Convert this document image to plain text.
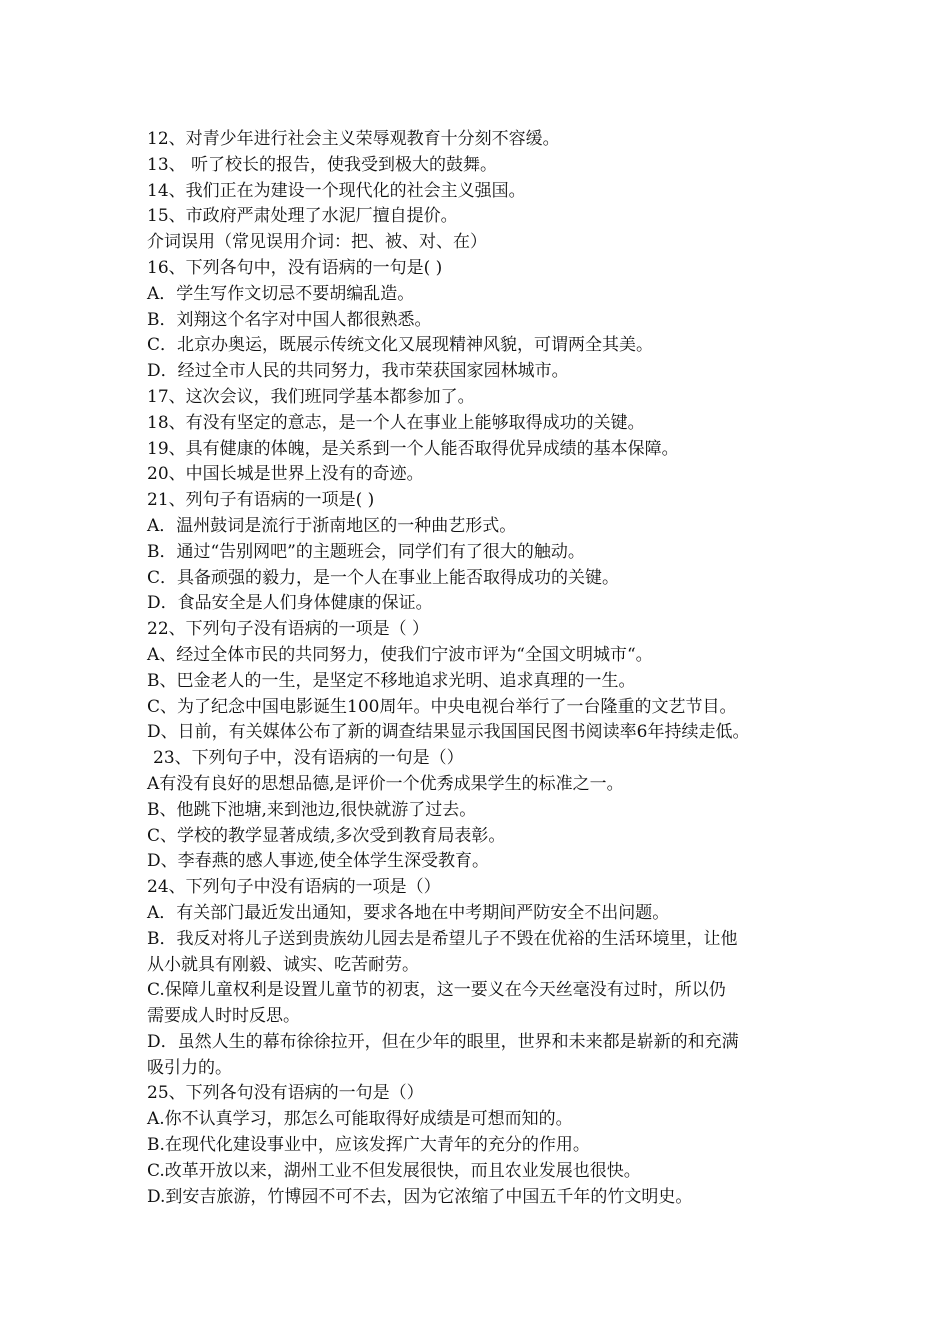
12、对青少年进行社会主义荣辱观教育十分刻不容缓。
13、 听了校长的报告，使我受到极大的鼓舞。
14、我们正在为建设一个现代化的社会主义强国。
15、市政府严肃处理了水泥厂擅自提价。
介词误用（常见误用介词：把、被、对、在）
16、下列各句中，没有语病的一句是( )
A．学生写作文切忌不要胡编乱造。
B．刘翔这个名字对中国人都很熟悉。
C．北京办奥运，既展示传统文化又展现精神风貌，可谓两全其美。
D．经过全市人民的共同努力，我市荣获国家园林城市。
17、这次会议，我们班同学基本都参加了。
18、有没有坚定的意志，是一个人在事业上能够取得成功的关键。
19、具有健康的体魄，是关系到一个人能否取得优异成绩的基本保障。
20、中国长城是世界上没有的奇迹。
21、列句子有语病的一项是( )
A．温州鼓词是流行于浙南地区的一种曲艺形式。
B．通过“告别网吧”的主题班会，同学们有了很大的触动。
C．具备顽强的毅力，是一个人在事业上能否取得成功的关键。
D．食品安全是人们身体健康的保证。
22、下列句子没有语病的一项是（ ）
A、经过全体市民的共同努力，使我们宁波市评为“全国文明城市“。
B、巴金老人的一生，是坚定不移地追求光明、追求真理的一生。
C、为了纪念中国电影诞生100周年。中央电视台举行了一台隆重的文艺节目。
D、日前，有关媒体公布了新的调查结果显示我国国民图书阅读率6年持续走低。
23、下列句子中，没有语病的一句是（）
A有没有良好的思想品德,是评价一个优秀成果学生的标准之一。
B、他跳下池塘,来到池边,很快就游了过去。
C、学校的教学显著成绩,多次受到教育局表彰。
D、李春燕的感人事迹,使全体学生深受教育。
24、下列句子中没有语病的一项是（）
A．有关部门最近发出通知，要求各地在中考期间严防安全不出问题。
B．我反对将儿子送到贵族幼儿园去是希望儿子不毁在优裕的生活环境里，让他
从小就具有刚毅、诚实、吃苦耐劳。
C.保障儿童权利是设置儿童节的初衷，这一要义在今天丝毫没有过时，所以仍
需要成人时时反思。
D．虽然人生的幕布徐徐拉开，但在少年的眼里，世界和未来都是崭新的和充满
吸引力的。
25、下列各句没有语病的一句是（）
A.你不认真学习，那怎么可能取得好成绩是可想而知的。
B.在现代化建设事业中，应该发挥广大青年的充分的作用。
C.改革开放以来，湖州工业不但发展很快，而且农业发展也很快。
D.到安吉旅游，竹博园不可不去，因为它浓缩了中国五千年的竹文明史。
